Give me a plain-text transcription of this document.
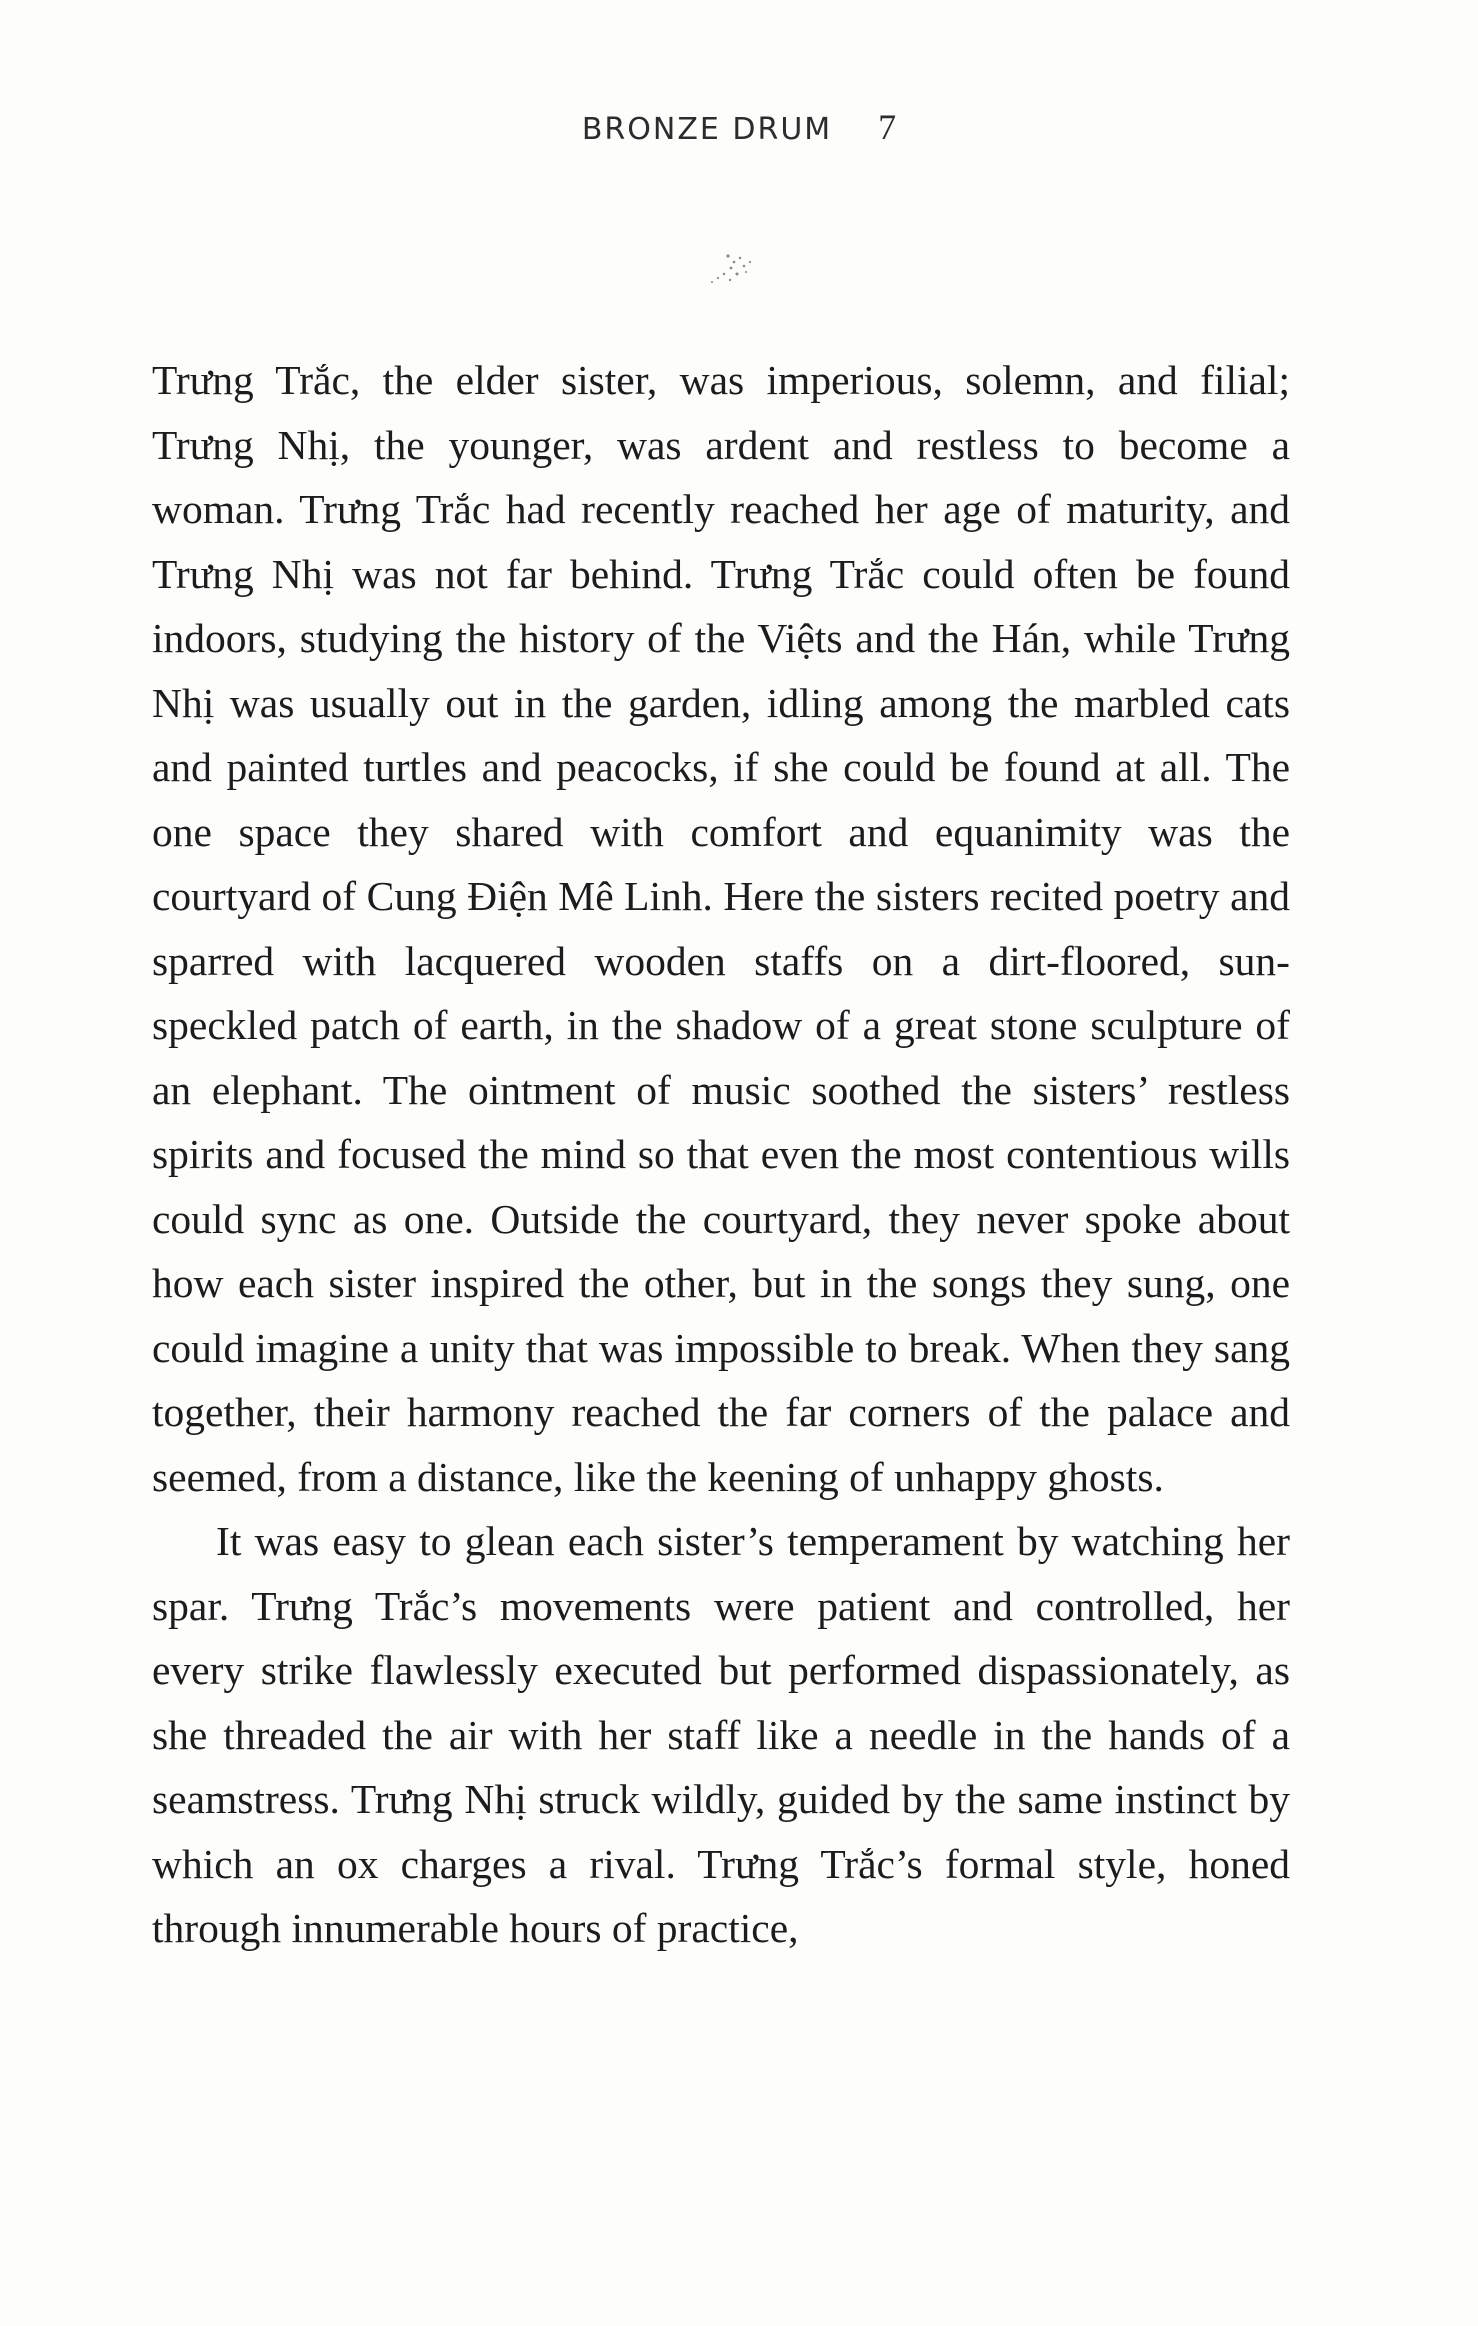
BRONZE DRUM 7

Trưng Trắc, the elder sister, was imperious, solemn, and filial; Trưng Nhị, the younger, was ardent and restless to become a woman. Trưng Trắc had recently reached her age of maturity, and Trưng Nhị was not far behind. Trưng Trắc could often be found indoors, studying the history of the Việts and the Hán, while Trưng Nhị was usually out in the garden, idling among the marbled cats and painted turtles and peacocks, if she could be found at all. The one space they shared with comfort and equanimity was the courtyard of Cung Điện Mê Linh. Here the sisters recited poetry and sparred with lacquered wooden staffs on a dirt-floored, sun-speckled patch of earth, in the shadow of a great stone sculpture of an elephant. The ointment of music soothed the sisters’ restless spirits and focused the mind so that even the most contentious wills could sync as one. Outside the courtyard, they never spoke about how each sister inspired the other, but in the songs they sung, one could imagine a unity that was impossible to break. When they sang together, their harmony reached the far corners of the palace and seemed, from a distance, like the keening of unhappy ghosts.

It was easy to glean each sister’s temperament by watching her spar. Trưng Trắc’s movements were patient and controlled, her every strike flawlessly executed but performed dispassionately, as she threaded the air with her staff like a needle in the hands of a seamstress. Trưng Nhị struck wildly, guided by the same instinct by which an ox charges a rival. Trưng Trắc’s formal style, honed through innumerable hours of practice,
